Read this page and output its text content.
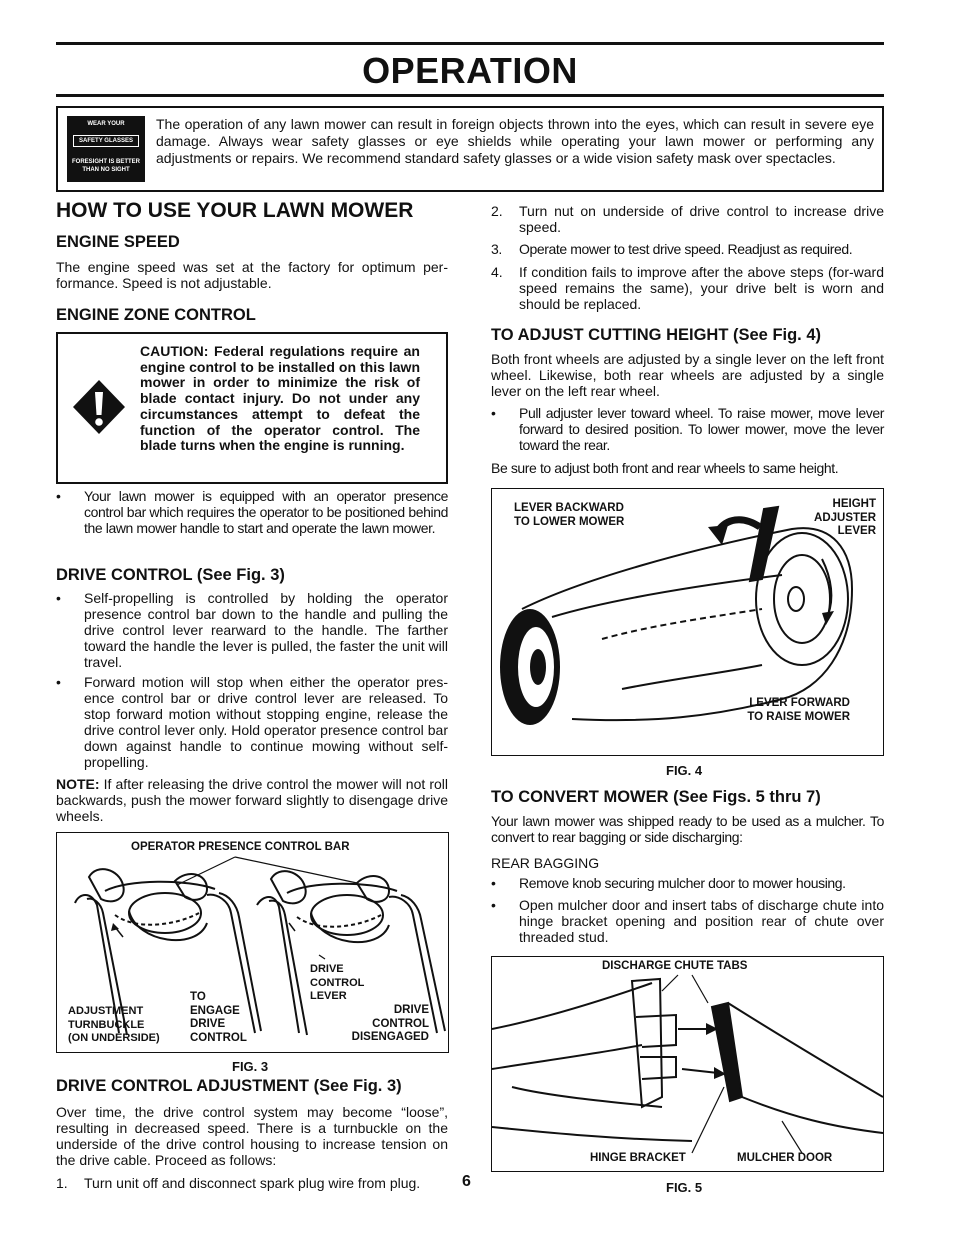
OPERATION
WEAR YOUR
SAFETY GLASSES
FORESIGHT IS BETTER THAN NO SIGHT
The operation of any lawn mower can result in foreign objects thrown into the eyes, which can result in severe eye damage. Always wear safety glasses or eye shields while operating your lawn mower or performing any adjustments or repairs. We recommend standard safety glasses or a wide vision safety mask over spectacles.
HOW TO USE YOUR LAWN MOWER
ENGINE SPEED
The engine speed was set at the factory for optimum per-formance. Speed is not adjustable.
ENGINE ZONE CONTROL
CAUTION: Federal regulations require an engine control to be installed on this lawn mower in order to minimize the risk of blade contact injury. Do not under any circumstances attempt to defeat the function of the operator control. The blade turns when the engine is running.
• Your lawn mower is equipped with an operator presence control bar which requires the operator to be positioned behind the lawn mower handle to start and operate the lawn mower.
DRIVE CONTROL (See Fig. 3)
• Self-propelling is controlled by holding the operator presence control bar down to the handle and pulling the drive control lever rearward to the handle. The farther toward the handle the lever is pulled, the faster the unit will travel.
• Forward motion will stop when either the operator pres-ence control bar or drive control lever are released. To stop forward motion without stopping engine, release the drive control lever only. Hold operator presence control bar down against handle to continue mowing without self-propelling.
NOTE: If after releasing the drive control the mower will not roll backwards, push the mower forward slightly to disengage drive wheels.
OPERATOR PRESENCE CONTROL BAR
ADJUSTMENT
TURNBUCKLE
(ON UNDERSIDE)
TO
ENGAGE
DRIVE
CONTROL
DRIVE
CONTROL
LEVER
DRIVE
CONTROL
DISENGAGED
FIG. 3
DRIVE CONTROL ADJUSTMENT (See Fig. 3)
Over time, the drive control system may become “loose”, resulting in decreased speed. There is a turnbuckle on the underside of the drive control housing to increase tension on the drive cable. Proceed as follows:
1. Turn unit off and disconnect spark plug wire from plug.	6
2. Turn nut on underside of drive control to increase drive speed.
3. Operate mower to test drive speed. Readjust as required.
4. If condition fails to improve after the above steps (for-ward speed remains the same), your drive belt is worn and should be replaced.
TO ADJUST CUTTING HEIGHT (See Fig. 4)
Both front wheels are adjusted by a single lever on the left front wheel. Likewise, both rear wheels are adjusted by a single lever on the left rear wheel.
• Pull adjuster lever toward wheel. To raise mower, move lever forward to desired position. To lower mower, move the lever toward the rear.
Be sure to adjust both front and rear wheels to same height.
LEVER BACKWARD
TO LOWER MOWER
HEIGHT
ADJUSTER
LEVER
LEVER FORWARD
TO RAISE MOWER
FIG. 4
TO CONVERT MOWER (See Figs. 5 thru 7)
Your lawn mower was shipped ready to be used as a mulcher. To convert to rear bagging or side discharging:
REAR BAGGING
• Remove knob securing mulcher door to mower housing.
• Open mulcher door and insert tabs of discharge chute into hinge bracket opening and position rear of chute over threaded stud.
DISCHARGE CHUTE TABS
HINGE BRACKET	MULCHER DOOR
FIG. 5
